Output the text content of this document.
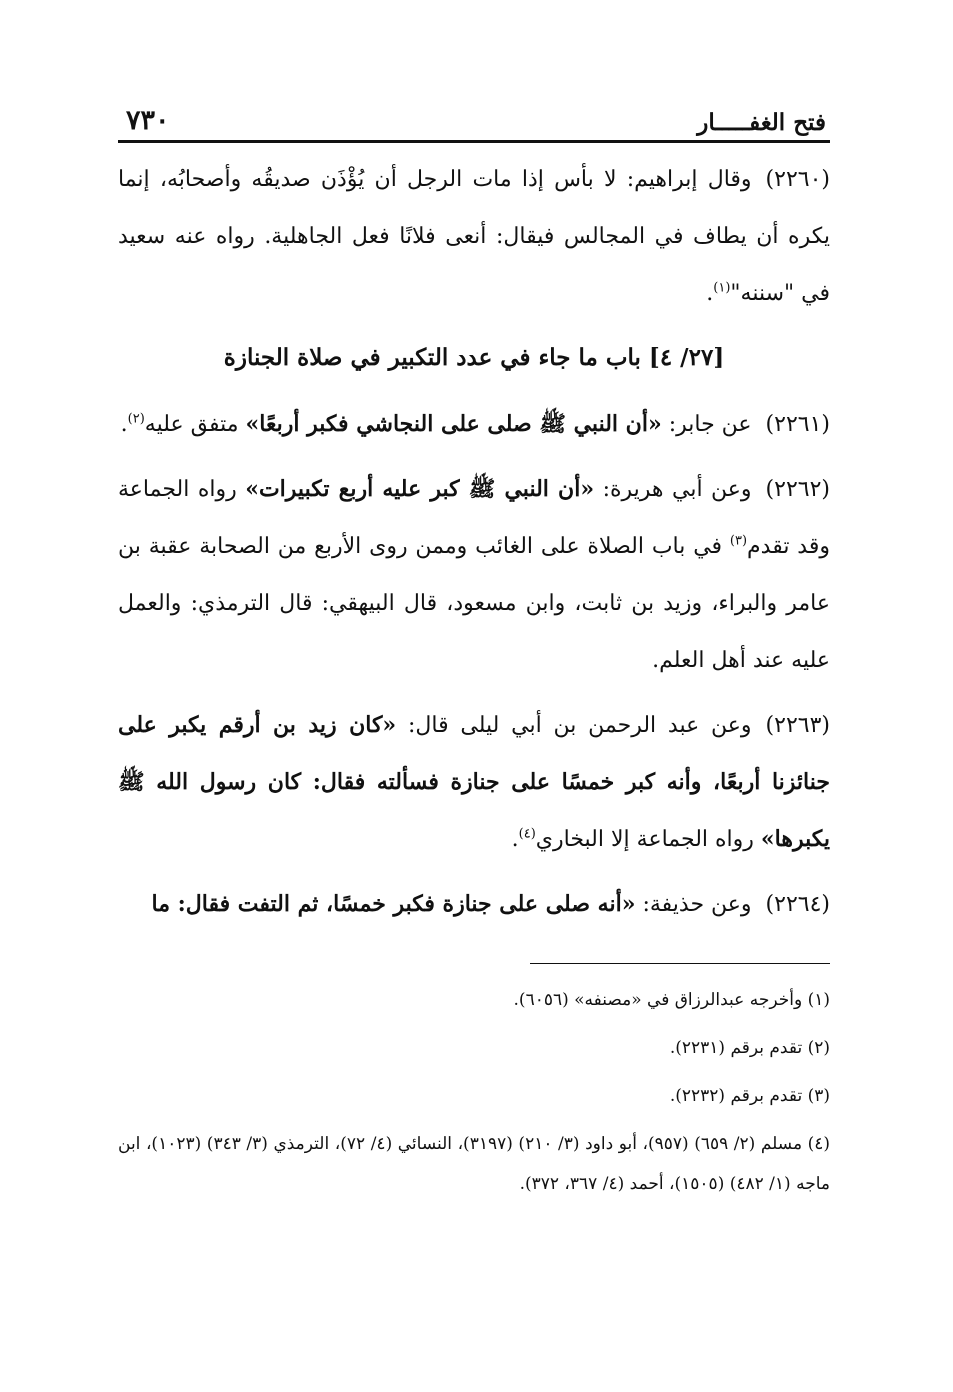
فتح الغفـــــار
٧٣٠

(٢٢٦٠)وقال إبراهيم: لا بأس إذا مات الرجل أن يُؤْذَن صديقُه وأصحابُه، إنما يكره أن يطاف في المجالس فيقال: أنعى فلانًا فعل الجاهلية. رواه عنه سعيد في "سننه"$^{(١)}$.

[٢٧/ ٤] باب ما جاء في عدد التكبير في صلاة الجنازة

(٢٢٦١)عن جابر: «أن النبي ﷺ صلى على النجاشي فكبر أربعًا» متفق عليه$^{(٢)}$.

(٢٢٦٢)وعن أبي هريرة: «أن النبي ﷺ كبر عليه أربع تكبيرات» رواه الجماعة وقد تقدم$^{(٣)}$ في باب الصلاة على الغائب وممن روى الأربع من الصحابة عقبة بن عامر والبراء، وزيد بن ثابت، وابن مسعود، قال البيهقي: قال الترمذي: والعمل عليه عند أهل العلم.

(٢٢٦٣)وعن عبد الرحمن بن أبي ليلى قال: «كان زيد بن أرقم يكبر على جنائزنا أربعًا، وأنه كبر خمسًا على جنازة فسألته فقال: كان رسول الله ﷺ يكبرها» رواه الجماعة إلا البخاري$^{(٤)}$.

(٢٢٦٤)وعن حذيفة: «أنه صلى على جنازة فكبر خمسًا، ثم التفت فقال: ما

(١) وأخرجه عبدالرزاق في «مصنفه» (٦٠٥٦).

(٢) تقدم برقم (٢٢٣١).

(٣) تقدم برقم (٢٢٣٢).

(٤) مسلم (٢/ ٦٥٩) (٩٥٧)، أبو داود (٣/ ٢١٠) (٣١٩٧)، النسائي (٤/ ٧٢)، الترمذي (٣/ ٣٤٣) (١٠٢٣)، ابن ماجه (١/ ٤٨٢) (١٥٠٥)، أحمد (٤/ ٣٦٧، ٣٧٢).
